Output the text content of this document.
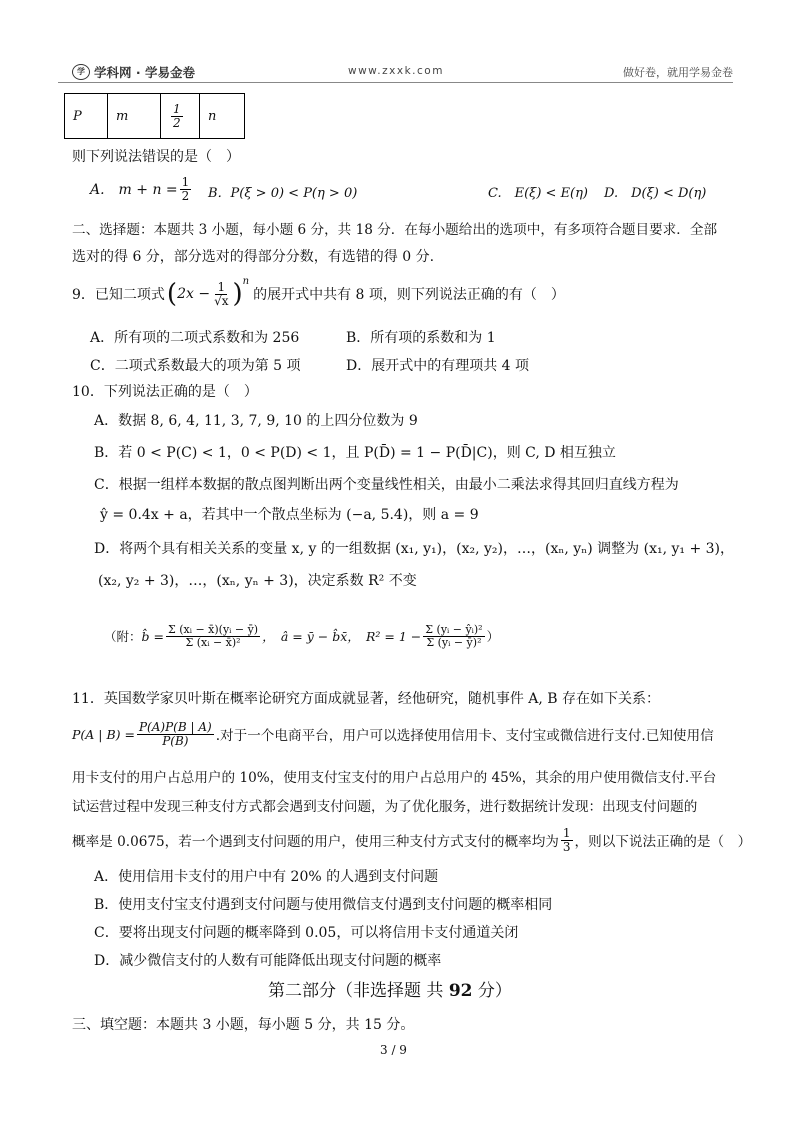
学 学科网 · 学易金卷	www.zxxk.com	做好卷，就用学易金卷
P	m	$\frac{1}{2}$	n
则下列说法错误的是（　）
A.　$m + n = \frac{1}{2}$ B．P(ξ > 0) < P(η > 0)	C.　E(ξ) < E(η) D.　D(ξ) < D(η)
二、选择题：本题共 3 小题，每小题 6 分，共 18 分．在每小题给出的选项中，有多项符合题目要求．全部
选对的得 6 分，部分选对的得部分分数，有选错的得 0 分.
9．已知二项式 ( $2x - \frac{1}{√x}$ ) n
的展开式中共有 8 项，则下列说法正确的有（　）
A．所有项的二项式系数和为 256	B．所有项的系数和为 1
C．二项式系数最大的项为第 5 项	D．展开式中的有理项共 4 项
10．下列说法正确的是（　）
A．数据 8, 6, 4, 11, 3, 7, 9, 10 的上四分位数为 9
B．若 0 < P(C) < 1，0 < P(D) < 1，且 P(D̄) = 1 − P(D̄|C)，则 C, D 相互独立
C．根据一组样本数据的散点图判断出两个变量线性相关，由最小二乘法求得其回归直线方程为
ŷ = 0.4x + a，若其中一个散点坐标为 (−a, 5.4)，则 a = 9
D．将两个具有相关关系的变量 x, y 的一组数据 (x₁, y₁)，(x₂, y₂)，…，(xₙ, yₙ) 调整为 (x₁, y₁ + 3)，
(x₂, y₂ + 3)，…，(xₙ, yₙ + 3)，决定系数 R² 不变
（附： b̂ = $\frac{\text{Σ (xᵢ − x̄)(yᵢ − ȳ)}}{\text{Σ (xᵢ − x̄)²}}$ ，　â = ȳ − b̂x̄，　$R^2 = 1 - \frac{\text{Σ (yᵢ − ŷᵢ)²}}{\text{Σ (yᵢ − ȳ)²}}$ ）
11．英国数学家贝叶斯在概率论研究方面成就显著，经他研究，随机事件 A, B 存在如下关系：
P(A | $B) = \frac{P(A)P(B | A)}{P(B)}$ .对于一个电商平台，用户可以选择使用信用卡、支付宝或微信进行支付.已知使用信
用卡支付的用户占总用户的 10%，使用支付宝支付的用户占总用户的 45%，其余的用户使用微信支付.平台
试运营过程中发现三种支付方式都会遇到支付问题，为了优化服务，进行数据统计发现：出现支付问题的
概率是 0.0675，若一个遇到支付问题的用户，使用三种支付方式支付的概率均为 $\frac{1}{3}$ ，则以下说法正确的是（　）
A．使用信用卡支付的用户中有 20% 的人遇到支付问题
B．使用支付宝支付遇到支付问题与使用微信支付遇到支付问题的概率相同
C．要将出现支付问题的概率降到 0.05，可以将信用卡支付通道关闭
D．减少微信支付的人数有可能降低出现支付问题的概率
第二部分（非选择题 共 92 分）
三、填空题：本题共 3 小题，每小题 5 分，共 15 分。
3 / 9
